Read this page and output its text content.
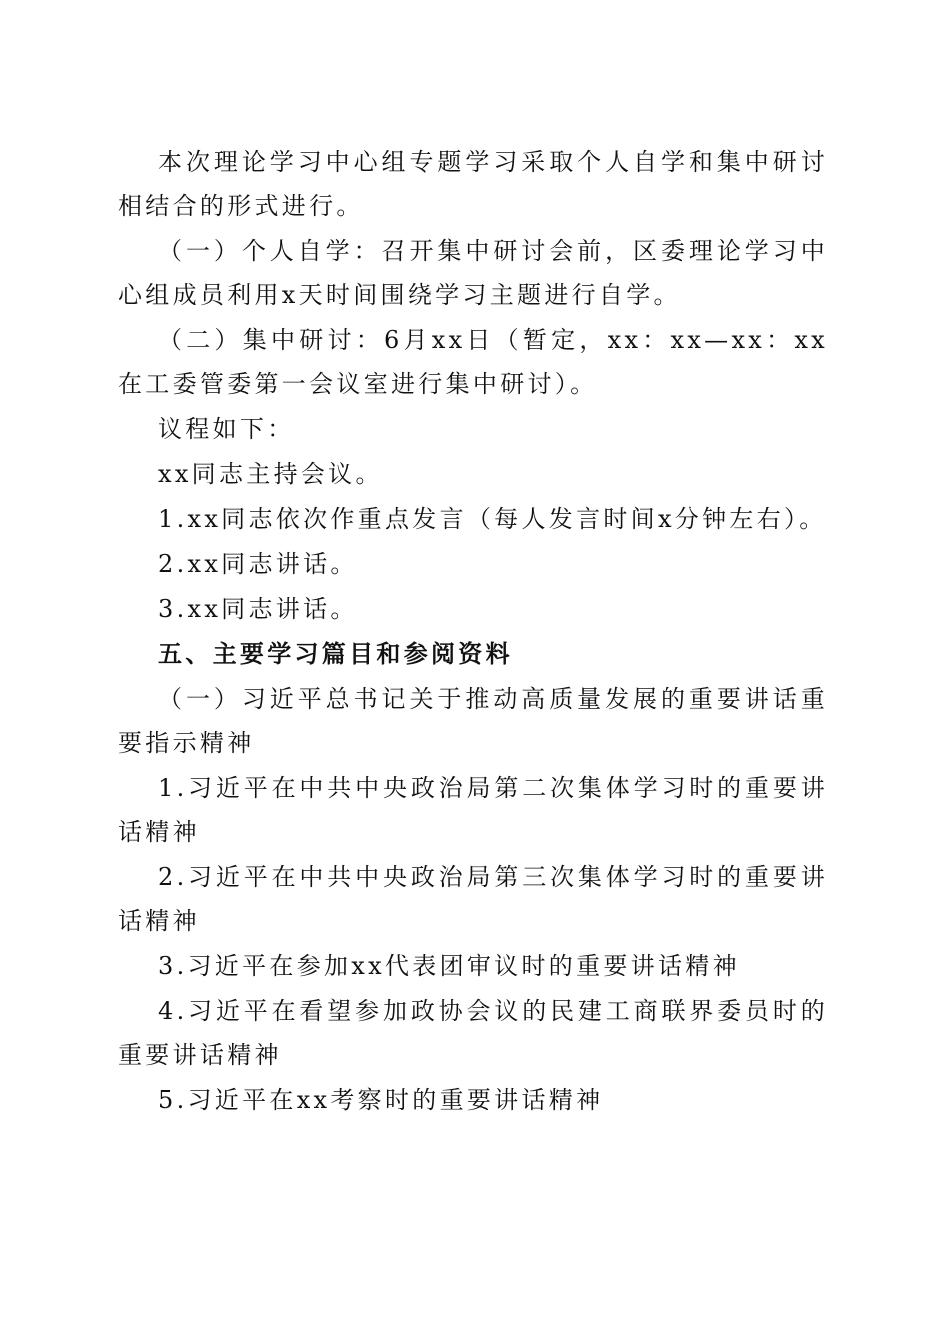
本次理论学习中心组专题学习采取个人自学和集中研讨相结合的形式进行。

（一）个人自学：召开集中研讨会前，区委理论学习中心组成员利用x天时间围绕学习主题进行自学。

（二）集中研讨：6月xx日（暂定，xx：xx—xx：xx在工委管委第一会议室进行集中研讨）。

议程如下：

xx同志主持会议。

1.xx同志依次作重点发言（每人发言时间x分钟左右）。

2.xx同志讲话。

3.xx同志讲话。

五、主要学习篇目和参阅资料

（一）习近平总书记关于推动高质量发展的重要讲话重要指示精神

1.习近平在中共中央政治局第二次集体学习时的重要讲话精神

2.习近平在中共中央政治局第三次集体学习时的重要讲话精神

3.习近平在参加xx代表团审议时的重要讲话精神

4.习近平在看望参加政协会议的民建工商联界委员时的重要讲话精神

5.习近平在xx考察时的重要讲话精神
